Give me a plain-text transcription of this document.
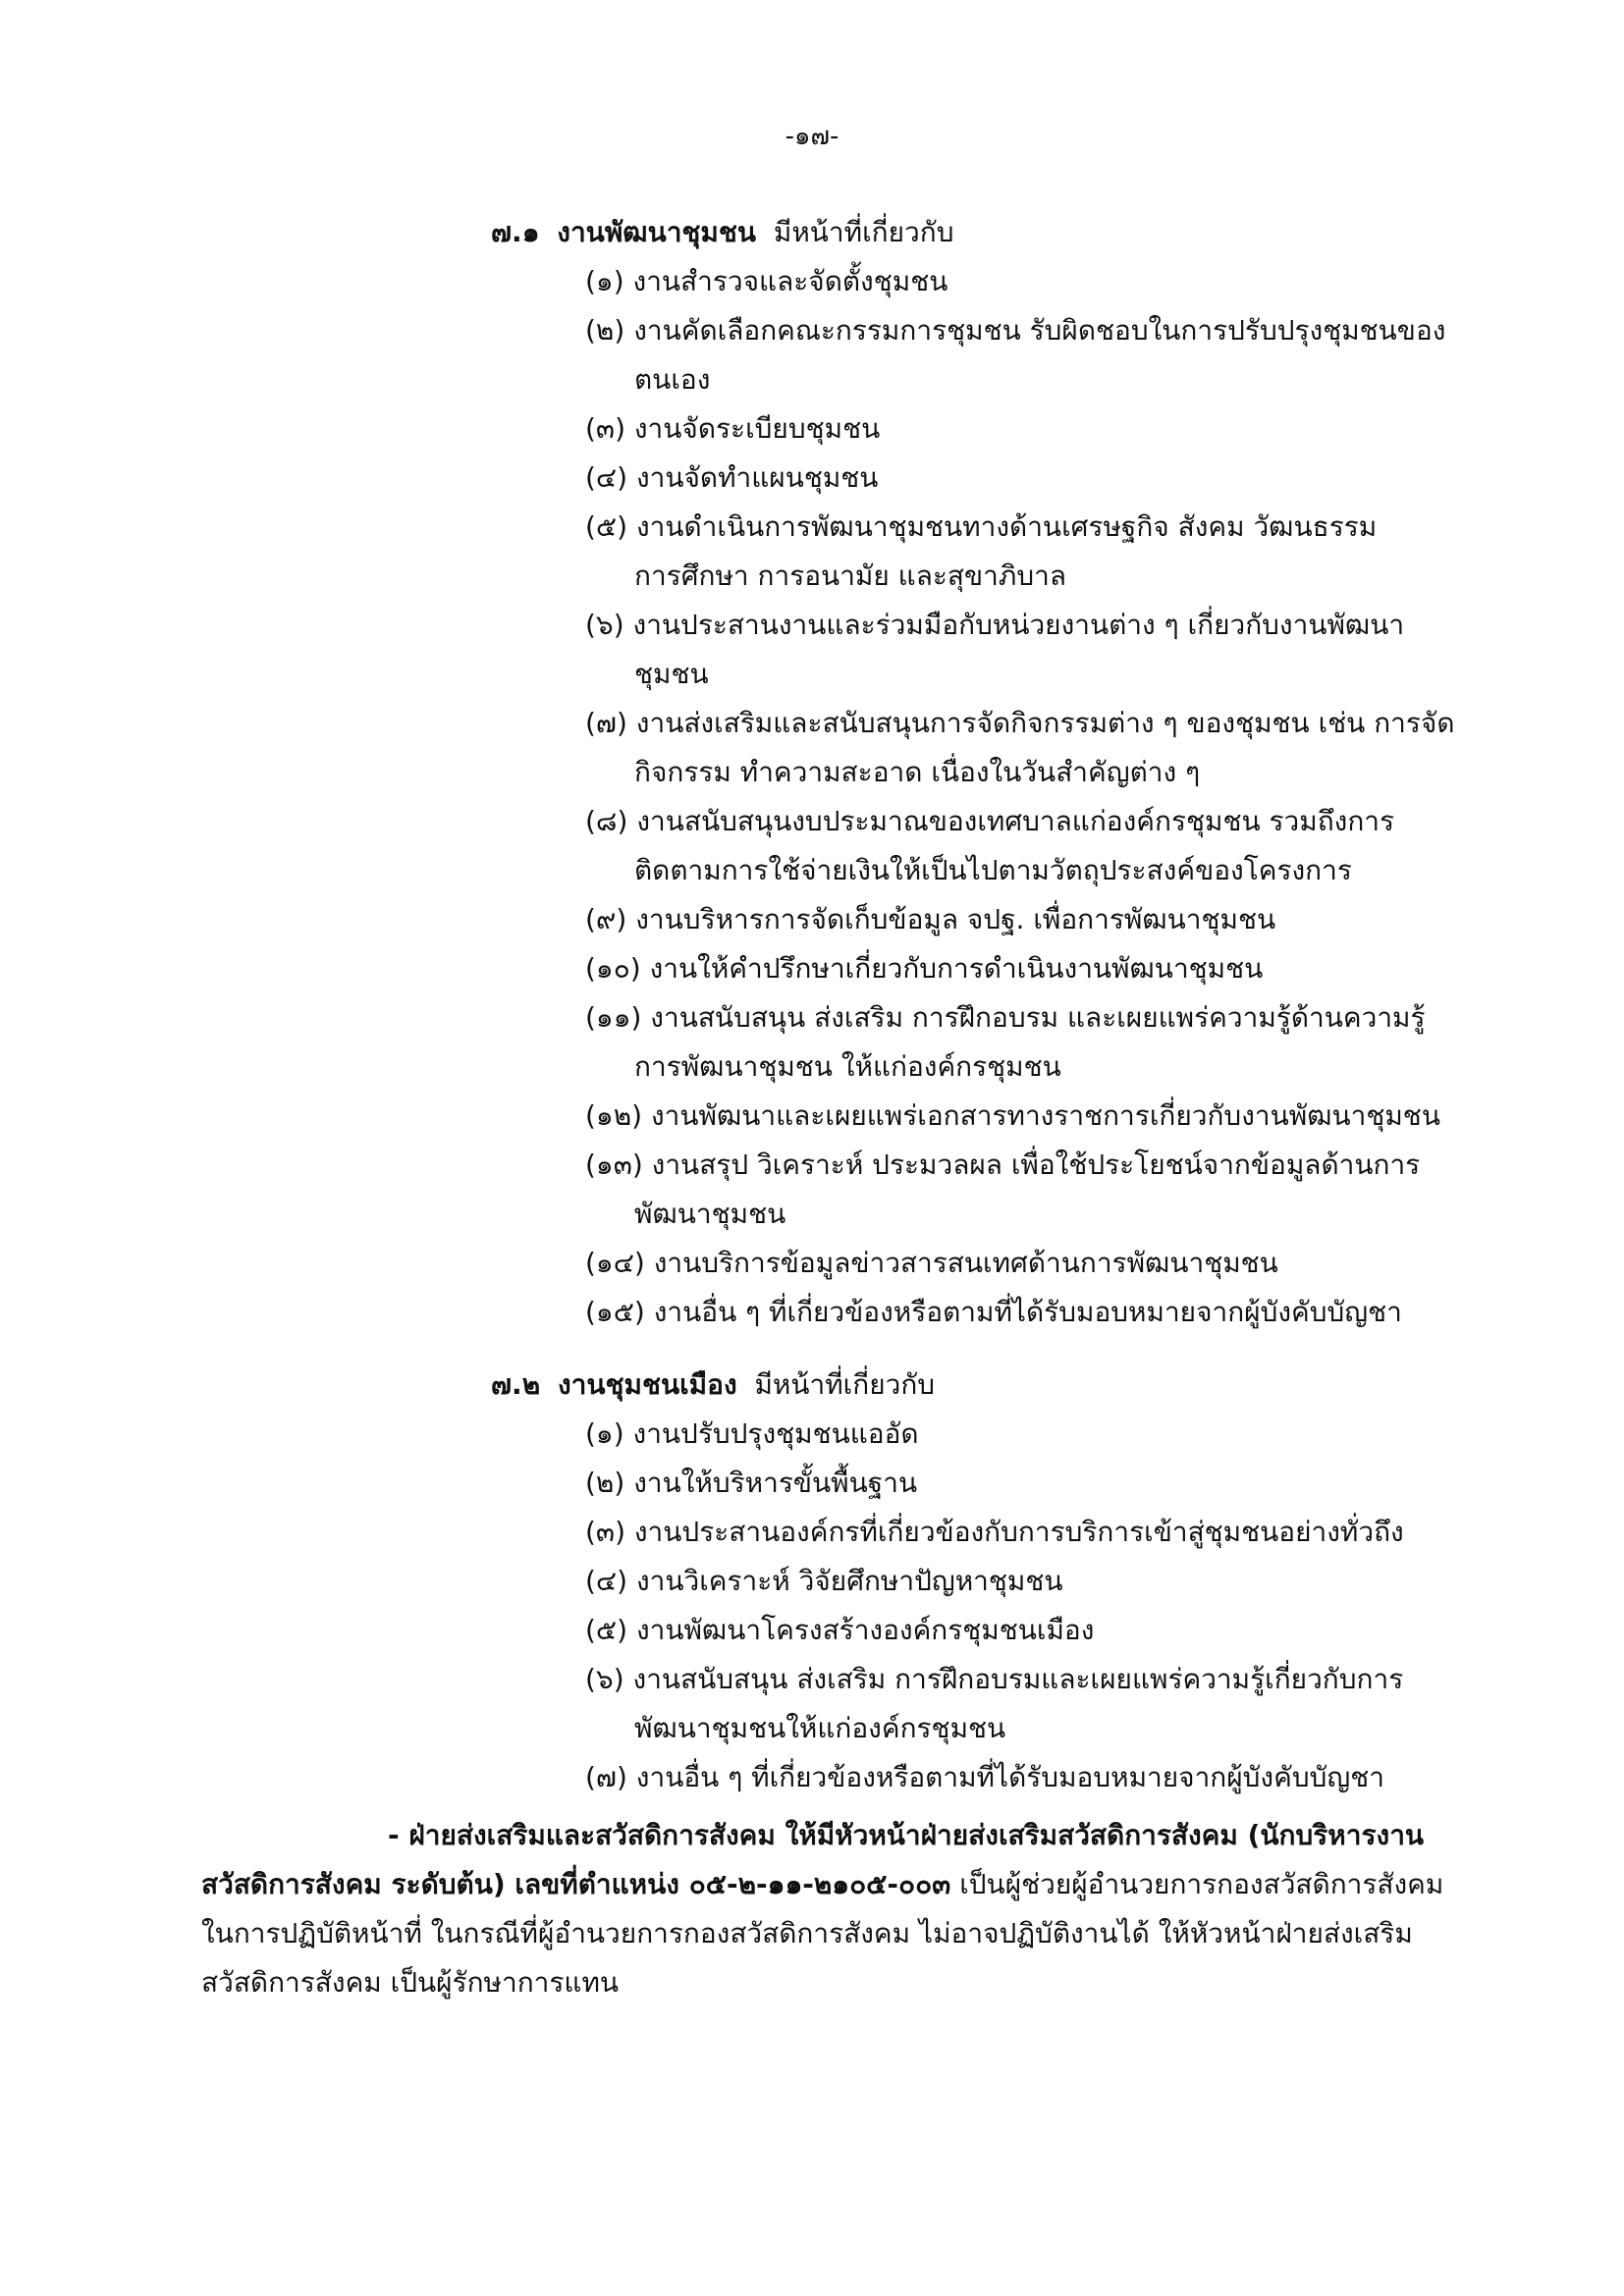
-๑๗-

๗.๑ งานพัฒนาชุมชน มีหน้าที่เกี่ยวกับ

(๑) งานสำรวจและจัดตั้งชุมชน
(๒) งานคัดเลือกคณะกรรมการชุมชน รับผิดชอบในการปรับปรุงชุมชนของ
ตนเอง
(๓) งานจัดระเบียบชุมชน
(๔) งานจัดทำแผนชุมชน
(๕) งานดำเนินการพัฒนาชุมชนทางด้านเศรษฐกิจ สังคม วัฒนธรรม
การศึกษา การอนามัย และสุขาภิบาล
(๖) งานประสานงานและร่วมมือกับหน่วยงานต่าง ๆ เกี่ยวกับงานพัฒนา
ชุมชน
(๗) งานส่งเสริมและสนับสนุนการจัดกิจกรรมต่าง ๆ ของชุมชน เช่น การจัด
กิจกรรม ทำความสะอาด เนื่องในวันสำคัญต่าง ๆ
(๘) งานสนับสนุนงบประมาณของเทศบาลแก่องค์กรชุมชน รวมถึงการ
ติดตามการใช้จ่ายเงินให้เป็นไปตามวัตถุประสงค์ของโครงการ
(๙) งานบริหารการจัดเก็บข้อมูล จปฐ. เพื่อการพัฒนาชุมชน
(๑๐) งานให้คำปรึกษาเกี่ยวกับการดำเนินงานพัฒนาชุมชน
(๑๑) งานสนับสนุน ส่งเสริม การฝึกอบรม และเผยแพร่ความรู้ด้านความรู้
การพัฒนาชุมชน ให้แก่องค์กรชุมชน
(๑๒) งานพัฒนาและเผยแพร่เอกสารทางราชการเกี่ยวกับงานพัฒนาชุมชน
(๑๓) งานสรุป วิเคราะห์ ประมวลผล เพื่อใช้ประโยชน์จากข้อมูลด้านการ
พัฒนาชุมชน
(๑๔) งานบริการข้อมูลข่าวสารสนเทศด้านการพัฒนาชุมชน
(๑๕) งานอื่น ๆ ที่เกี่ยวข้องหรือตามที่ได้รับมอบหมายจากผู้บังคับบัญชา

๗.๒ งานชุมชนเมือง มีหน้าที่เกี่ยวกับ

(๑) งานปรับปรุงชุมชนแออัด
(๒) งานให้บริหารขั้นพื้นฐาน
(๓) งานประสานองค์กรที่เกี่ยวข้องกับการบริการเข้าสู่ชุมชนอย่างทั่วถึง
(๔) งานวิเคราะห์ วิจัยศึกษาปัญหาชุมชน
(๕) งานพัฒนาโครงสร้างองค์กรชุมชนเมือง
(๖) งานสนับสนุน ส่งเสริม การฝึกอบรมและเผยแพร่ความรู้เกี่ยวกับการ
พัฒนาชุมชนให้แก่องค์กรชุมชน
(๗) งานอื่น ๆ ที่เกี่ยวข้องหรือตามที่ได้รับมอบหมายจากผู้บังคับบัญชา

- ฝ่ายส่งเสริมและสวัสดิการสังคม ให้มีหัวหน้าฝ่ายส่งเสริมสวัสดิการสังคม (นักบริหารงาน สวัสดิการสังคม ระดับต้น) เลขที่ตำแหน่ง ๐๕-๒-๑๑-๒๑๐๕-๐๐๓ เป็นผู้ช่วยผู้อำนวยการกองสวัสดิการสังคม ในการปฏิบัติหน้าที่ ในกรณีที่ผู้อำนวยการกองสวัสดิการสังคม ไม่อาจปฏิบัติงานได้ ให้หัวหน้าฝ่ายส่งเสริมสวัสดิการสังคม เป็นผู้รักษาการแทน
